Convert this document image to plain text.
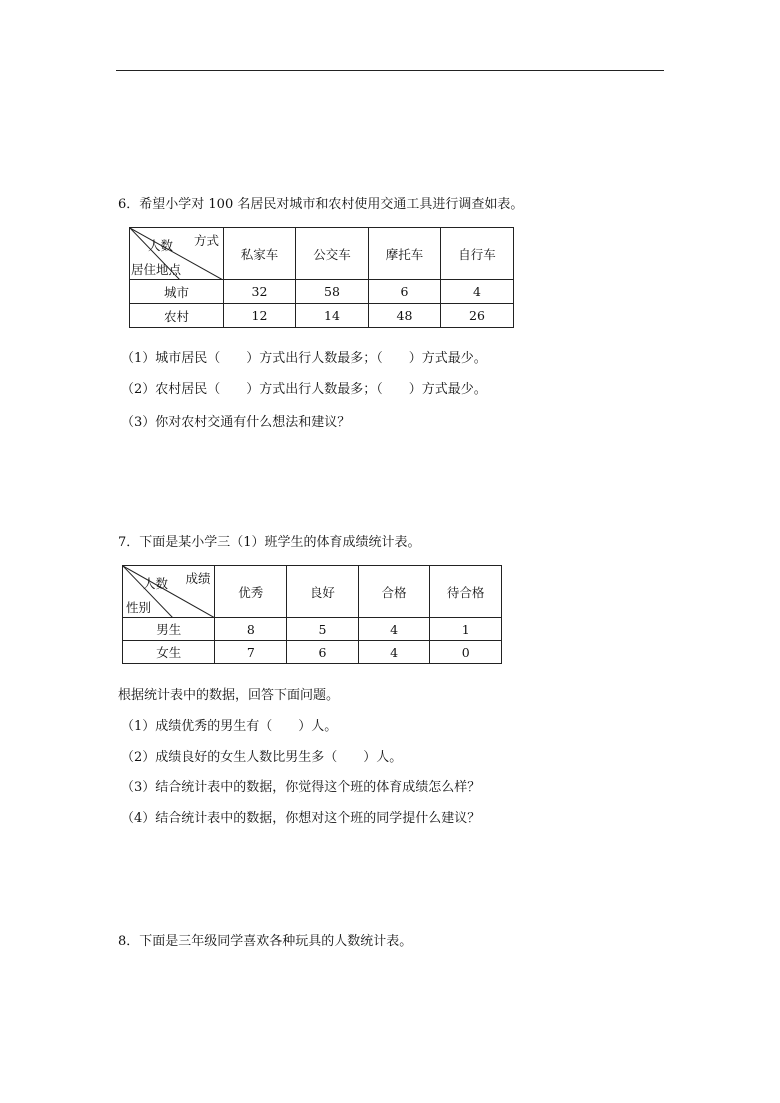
6．希望小学对 100 名居民对城市和农村使用交通工具进行调查如表。
方式
人数
居住地点	私家车	公交车	摩托车	自行车
城市	32	58	6	4
农村	12	14	48	26
（1）城市居民（　　）方式出行人数最多；（　　）方式最少。
（2）农村居民（　　）方式出行人数最多；（　　）方式最少。
（3）你对农村交通有什么想法和建议？
7．下面是某小学三（1）班学生的体育成绩统计表。
成绩
人数
性别	优秀	良好	合格	待合格
男生	8	5	4	1
女生	7	6	4	0
根据统计表中的数据，回答下面问题。
（1）成绩优秀的男生有（　　）人。
（2）成绩良好的女生人数比男生多（　　）人。
（3）结合统计表中的数据，你觉得这个班的体育成绩怎么样？
（4）结合统计表中的数据，你想对这个班的同学提什么建议？
8．下面是三年级同学喜欢各种玩具的人数统计表。
